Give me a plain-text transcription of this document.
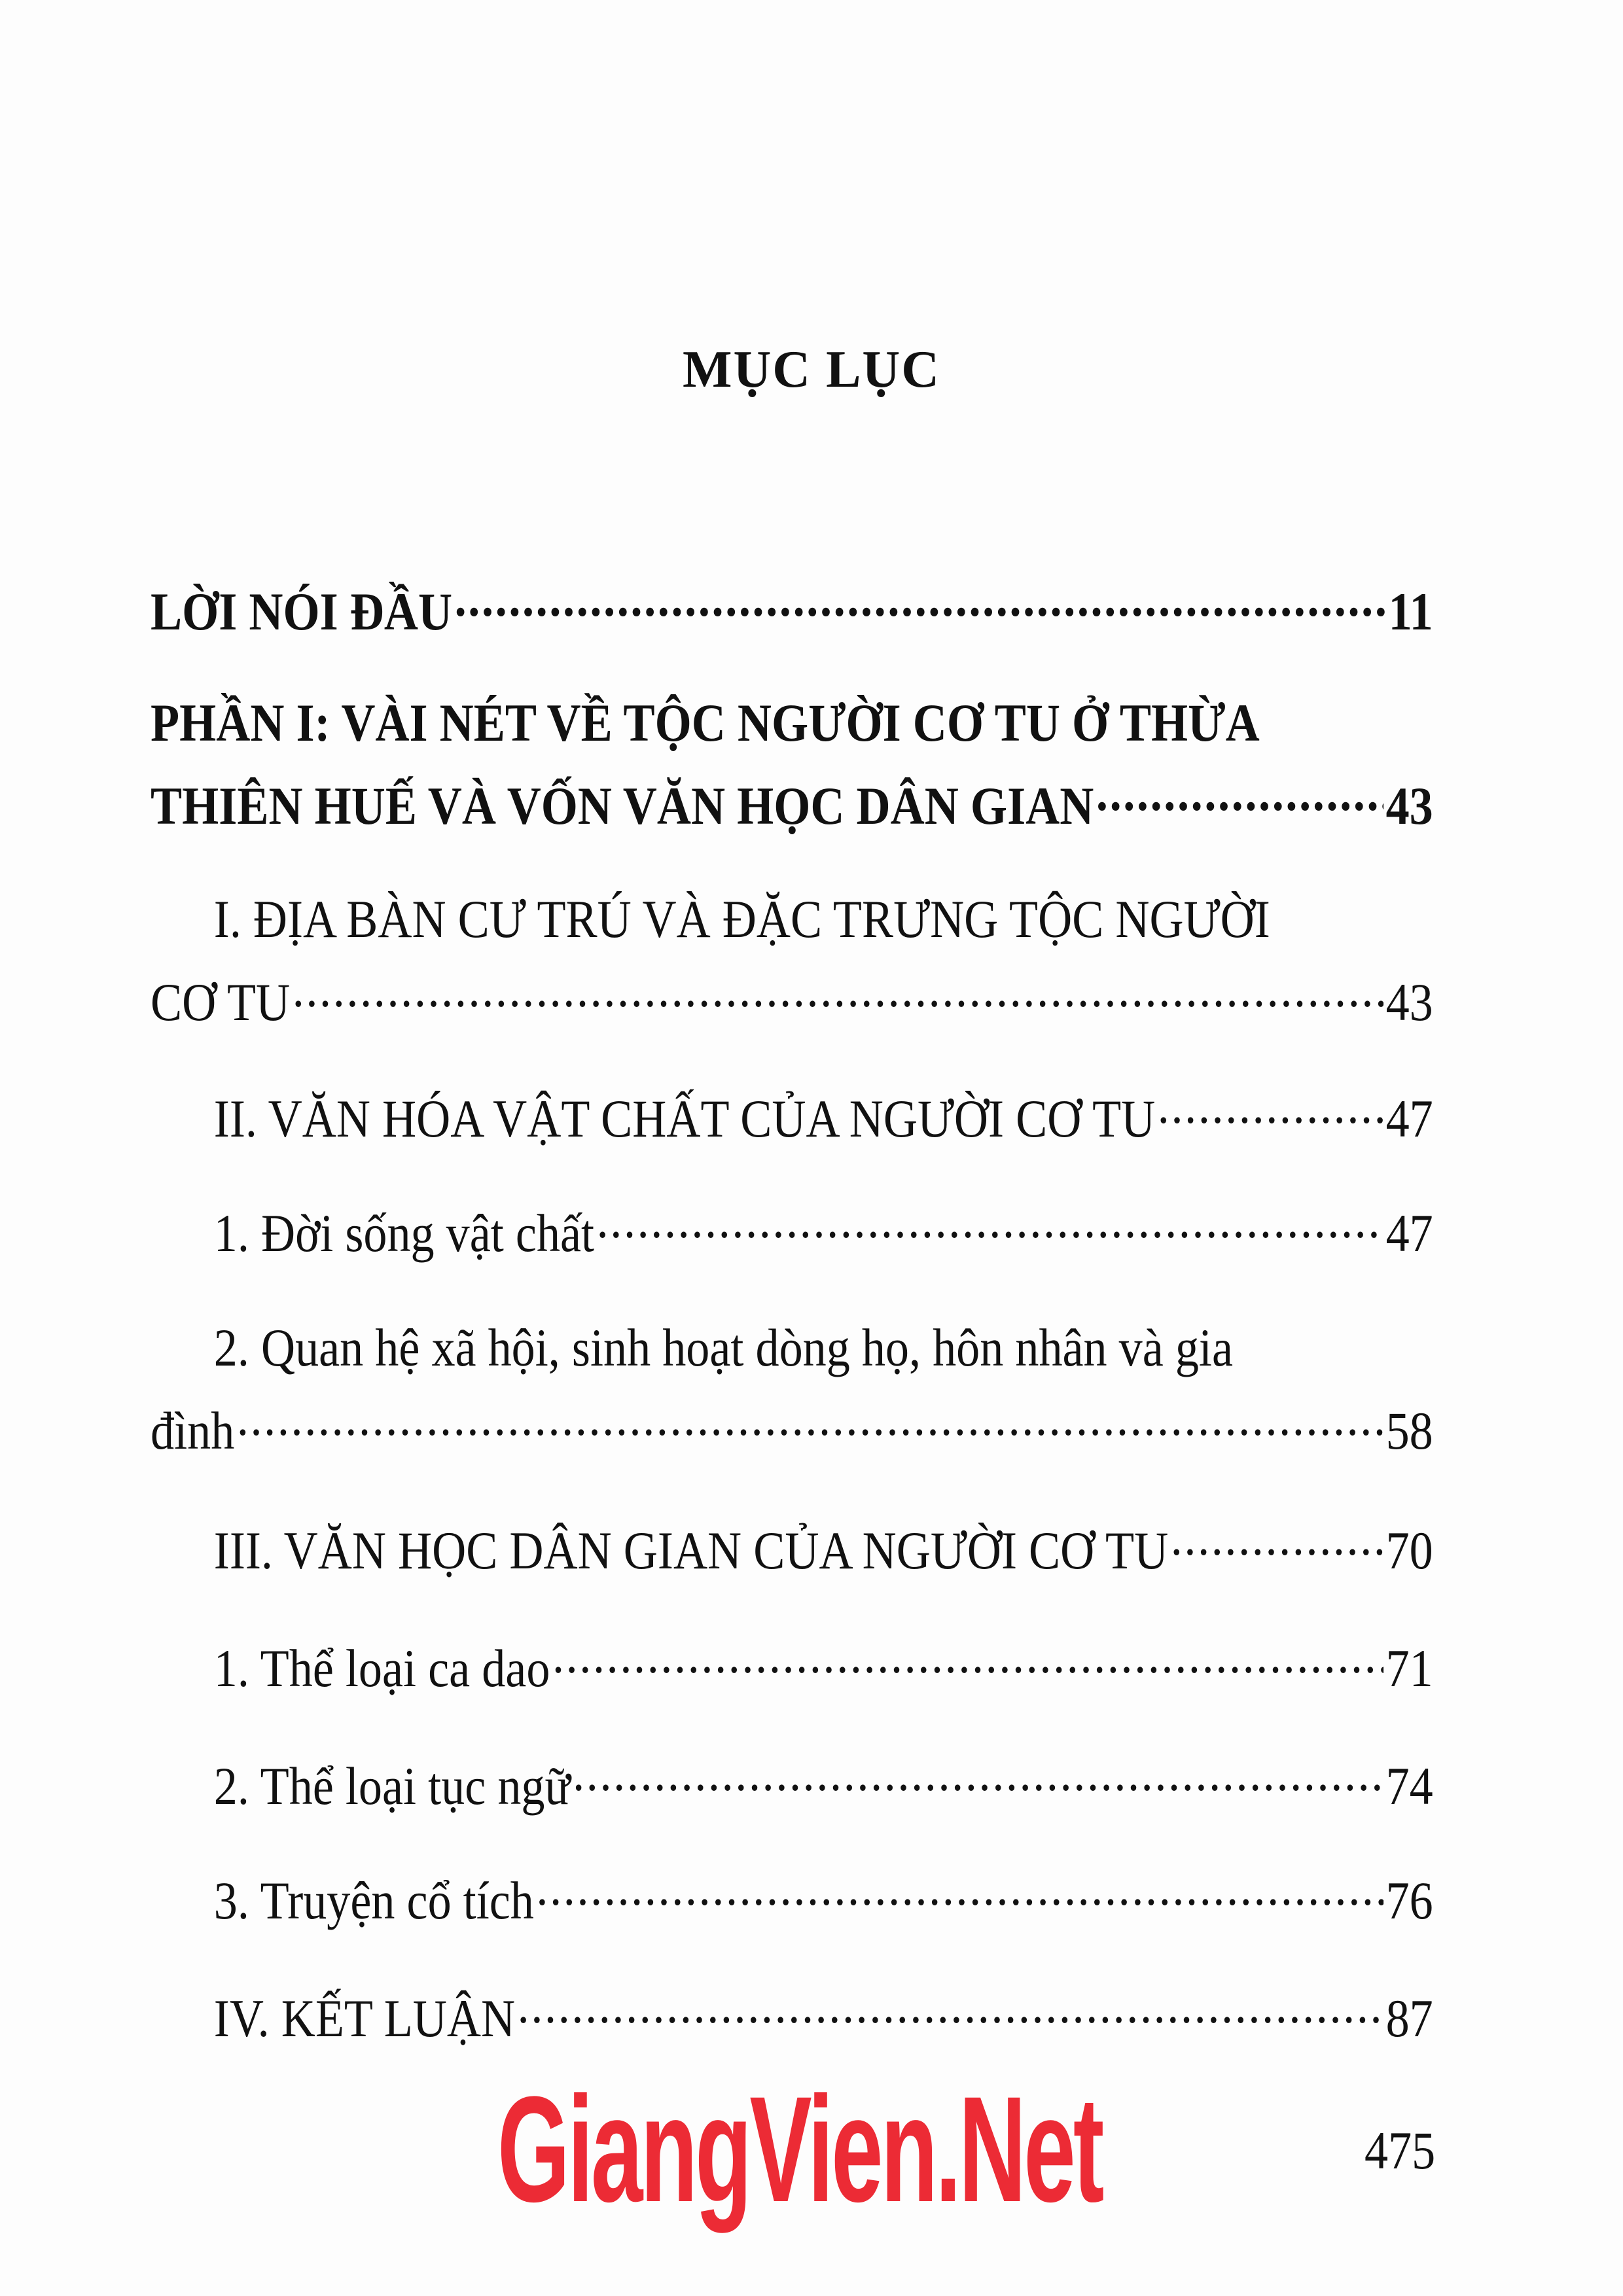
MỤC LỤC
LỜI NÓI ĐẦU .....	11
PHẦN I: VÀI NÉT VỀ TỘC NGƯỜI CƠ TU Ở THỪA
THIÊN HUẾ VÀ VỐN VĂN HỌC DÂN GIAN .....	43
I. ĐỊA BÀN CƯ TRÚ VÀ ĐẶC TRƯNG TỘC NGƯỜI
CƠ TU .....	43
II. VĂN HÓA VẬT CHẤT CỦA NGƯỜI CƠ TU .....	47
1. Đời sống vật chất .....	47
2. Quan hệ xã hội, sinh hoạt dòng họ, hôn nhân và gia
đình .....	58
III. VĂN HỌC DÂN GIAN CỦA NGƯỜI CƠ TU .....	70
1. Thể loại ca dao .....	71
2. Thể loại tục ngữ .....	74
3. Truyện cổ tích .....	76
IV. KẾT LUẬN .....	87
GiangVien.Net	475
